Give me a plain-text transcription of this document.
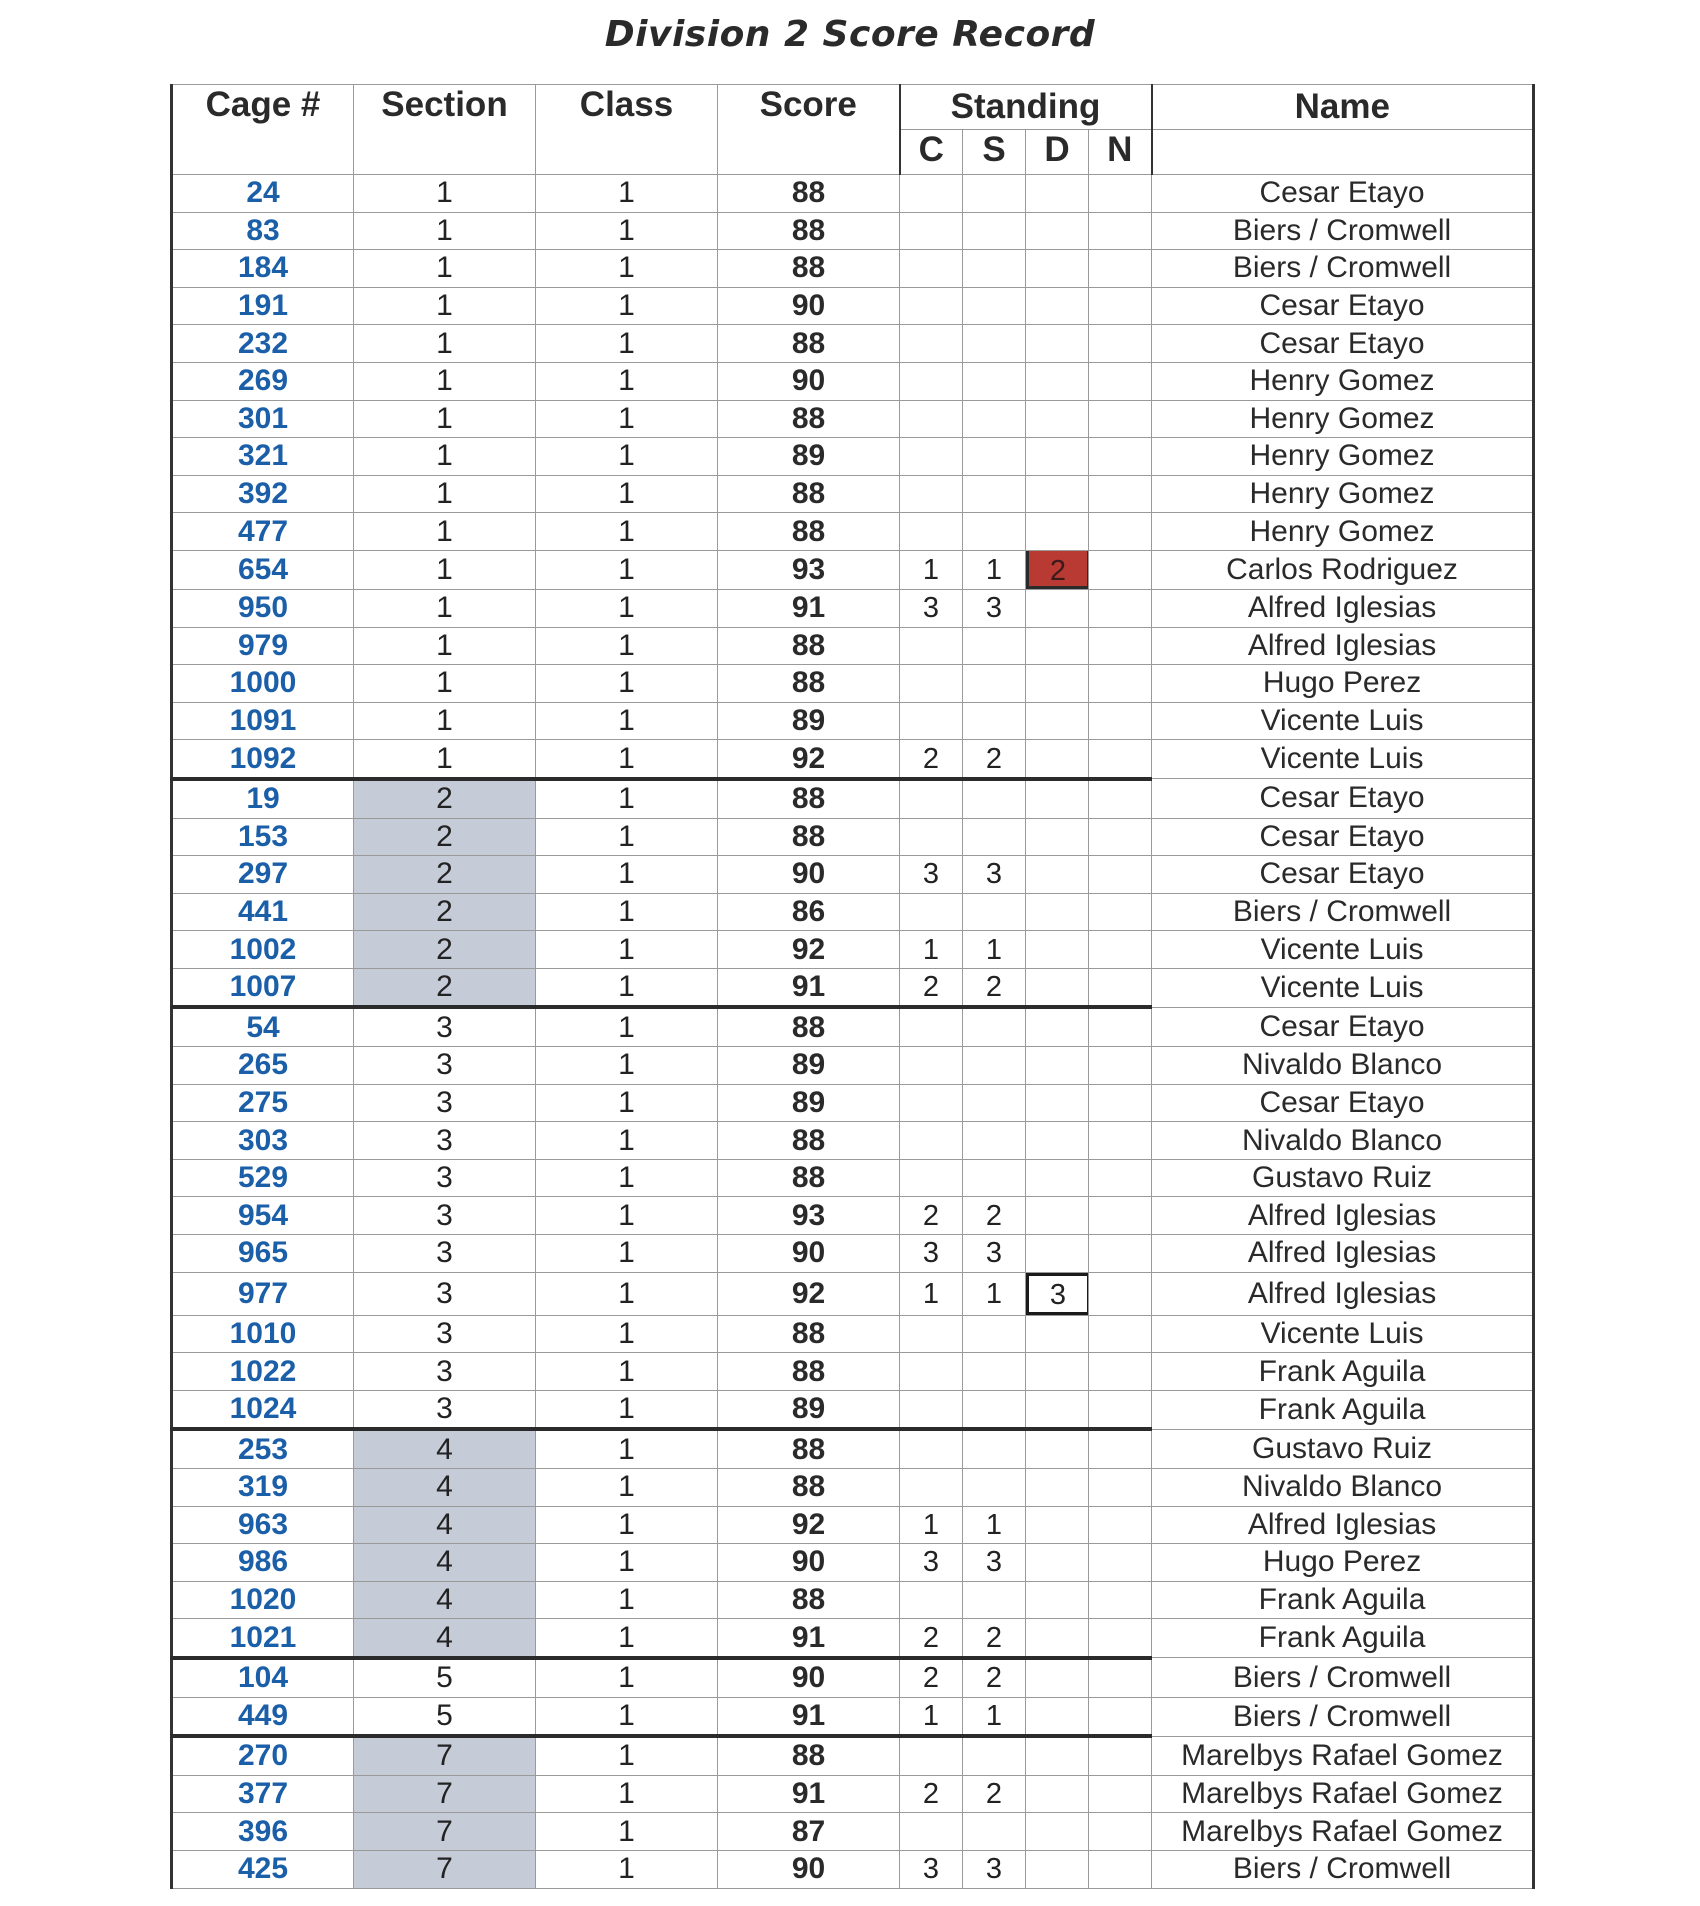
Division 2 Score Record
Cage #	Section	Class	Score	Standing				Name
				C	S	D	N	
24	1	1	88					Cesar Etayo
83	1	1	88					Biers / Cromwell
184	1	1	88					Biers / Cromwell
191	1	1	90					Cesar Etayo
232	1	1	88					Cesar Etayo
269	1	1	90					Henry Gomez
301	1	1	88					Henry Gomez
321	1	1	89					Henry Gomez
392	1	1	88					Henry Gomez
477	1	1	88					Henry Gomez
654	1	1	93	1	1	2		Carlos Rodriguez
950	1	1	91	3	3			Alfred Iglesias
979	1	1	88					Alfred Iglesias
1000	1	1	88					Hugo Perez
1091	1	1	89					Vicente Luis
1092	1	1	92	2	2			Vicente Luis
19	2	1	88					Cesar Etayo
153	2	1	88					Cesar Etayo
297	2	1	90	3	3			Cesar Etayo
441	2	1	86					Biers / Cromwell
1002	2	1	92	1	1			Vicente Luis
1007	2	1	91	2	2			Vicente Luis
54	3	1	88					Cesar Etayo
265	3	1	89					Nivaldo Blanco
275	3	1	89					Cesar Etayo
303	3	1	88					Nivaldo Blanco
529	3	1	88					Gustavo Ruiz
954	3	1	93	2	2			Alfred Iglesias
965	3	1	90	3	3			Alfred Iglesias
977	3	1	92	1	1	3		Alfred Iglesias
1010	3	1	88					Vicente Luis
1022	3	1	88					Frank Aguila
1024	3	1	89					Frank Aguila
253	4	1	88					Gustavo Ruiz
319	4	1	88					Nivaldo Blanco
963	4	1	92	1	1			Alfred Iglesias
986	4	1	90	3	3			Hugo Perez
1020	4	1	88					Frank Aguila
1021	4	1	91	2	2			Frank Aguila
104	5	1	90	2	2			Biers / Cromwell
449	5	1	91	1	1			Biers / Cromwell
270	7	1	88					Marelbys Rafael Gomez
377	7	1	91	2	2			Marelbys Rafael Gomez
396	7	1	87					Marelbys Rafael Gomez
425	7	1	90	3	3			Biers / Cromwell
